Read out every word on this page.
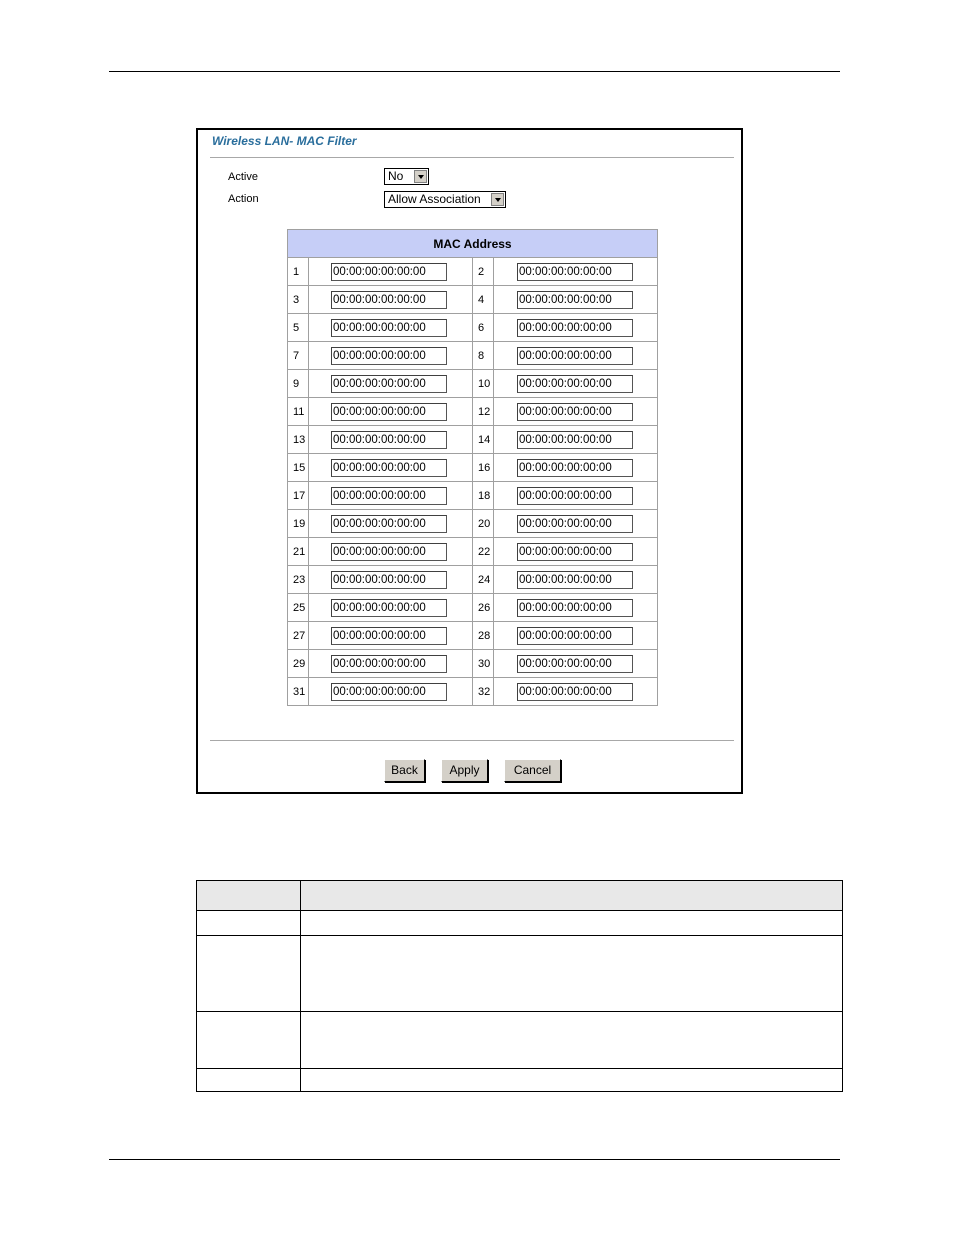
Wireless LAN- MAC Filter
Active	No
Action	Allow Association
MAC Address			
1	00:00:00:00:00:00	2	00:00:00:00:00:00

3	00:00:00:00:00:00	4	00:00:00:00:00:00

5	00:00:00:00:00:00	6	00:00:00:00:00:00

7	00:00:00:00:00:00	8	00:00:00:00:00:00

9	00:00:00:00:00:00	10	00:00:00:00:00:00

11	00:00:00:00:00:00	12	00:00:00:00:00:00

13	00:00:00:00:00:00	14	00:00:00:00:00:00

15	00:00:00:00:00:00	16	00:00:00:00:00:00

17	00:00:00:00:00:00	18	00:00:00:00:00:00

19	00:00:00:00:00:00	20	00:00:00:00:00:00

21	00:00:00:00:00:00	22	00:00:00:00:00:00

23	00:00:00:00:00:00	24	00:00:00:00:00:00

25	00:00:00:00:00:00	26	00:00:00:00:00:00

27	00:00:00:00:00:00	28	00:00:00:00:00:00

29	00:00:00:00:00:00	30	00:00:00:00:00:00

31	00:00:00:00:00:00	32	00:00:00:00:00:00
Back	Apply	Cancel
